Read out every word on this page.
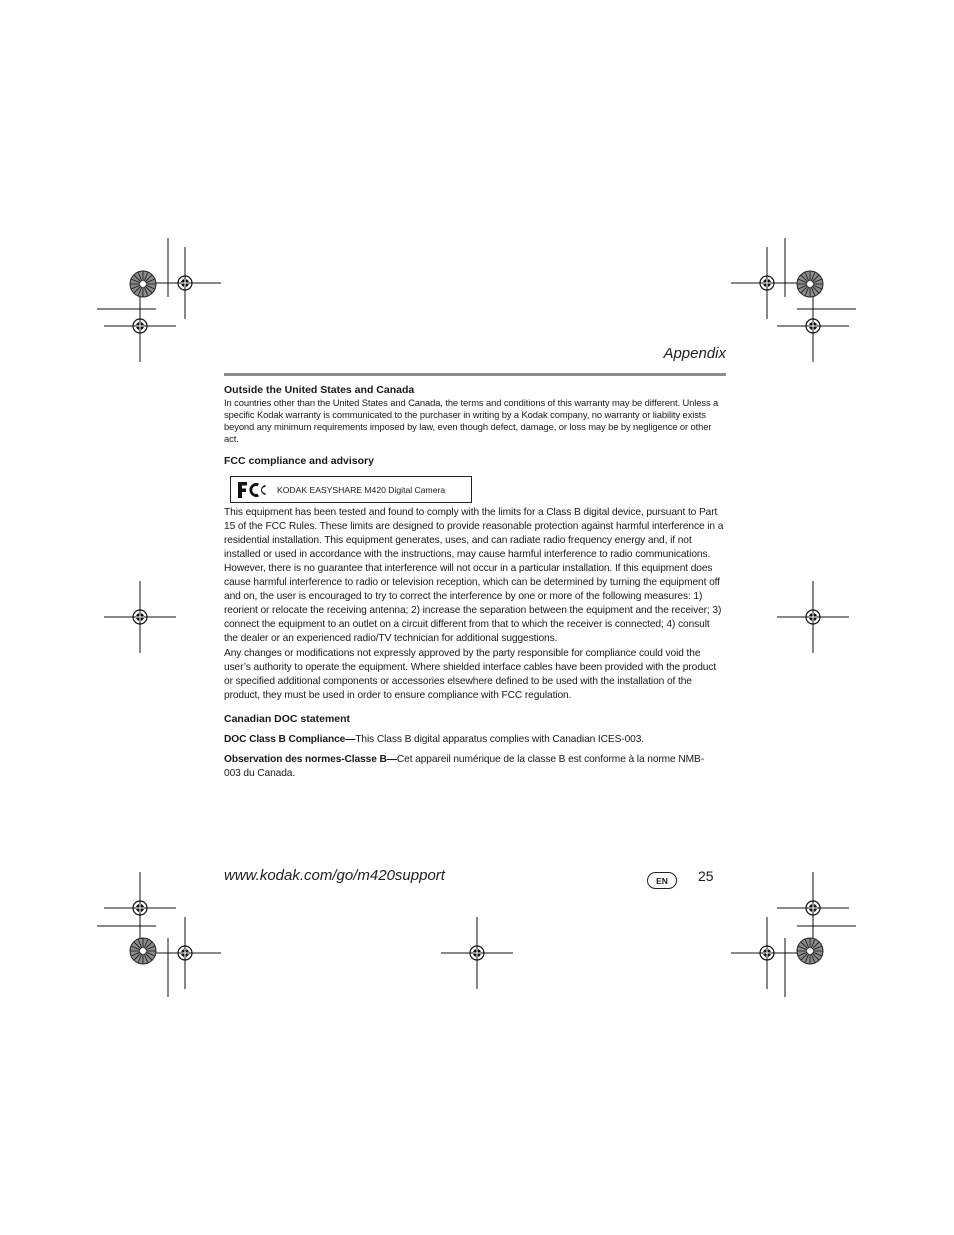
Appendix

Outside the United States and Canada

In countries other than the United States and Canada, the terms and conditions of this warranty may be different. Unless a specific Kodak warranty is communicated to the purchaser in writing by a Kodak company, no warranty or liability exists beyond any minimum requirements imposed by law, even though defect, damage, or loss may be by negligence or other act.

FCC compliance and advisory

KODAK EASYSHARE M420 Digital Camera

This equipment has been tested and found to comply with the limits for a Class B digital device, pursuant to Part 15 of the FCC Rules. These limits are designed to provide reasonable protection against harmful interference in a residential installation. This equipment generates, uses, and can radiate radio frequency energy and, if not installed or used in accordance with the instructions, may cause harmful interference to radio communications. However, there is no guarantee that interference will not occur in a particular installation. If this equipment does cause harmful interference to radio or television reception, which can be determined by turning the equipment off and on, the user is encouraged to try to correct the interference by one or more of the following measures: 1) reorient or relocate the receiving antenna; 2) increase the separation between the equipment and the receiver; 3) connect the equipment to an outlet on a circuit different from that to which the receiver is connected; 4) consult the dealer or an experienced radio/TV technician for additional suggestions.

Any changes or modifications not expressly approved by the party responsible for compliance could void the user’s authority to operate the equipment. Where shielded interface cables have been provided with the product or specified additional components or accessories elsewhere defined to be used with the installation of the product, they must be used in order to ensure compliance with FCC regulation.

Canadian DOC statement

DOC Class B Compliance—This Class B digital apparatus complies with Canadian ICES-003.

Observation des normes-Classe B—Cet appareil numérique de la classe B est conforme à la norme NMB-003 du Canada.

www.kodak.com/go/m420support	EN	25
